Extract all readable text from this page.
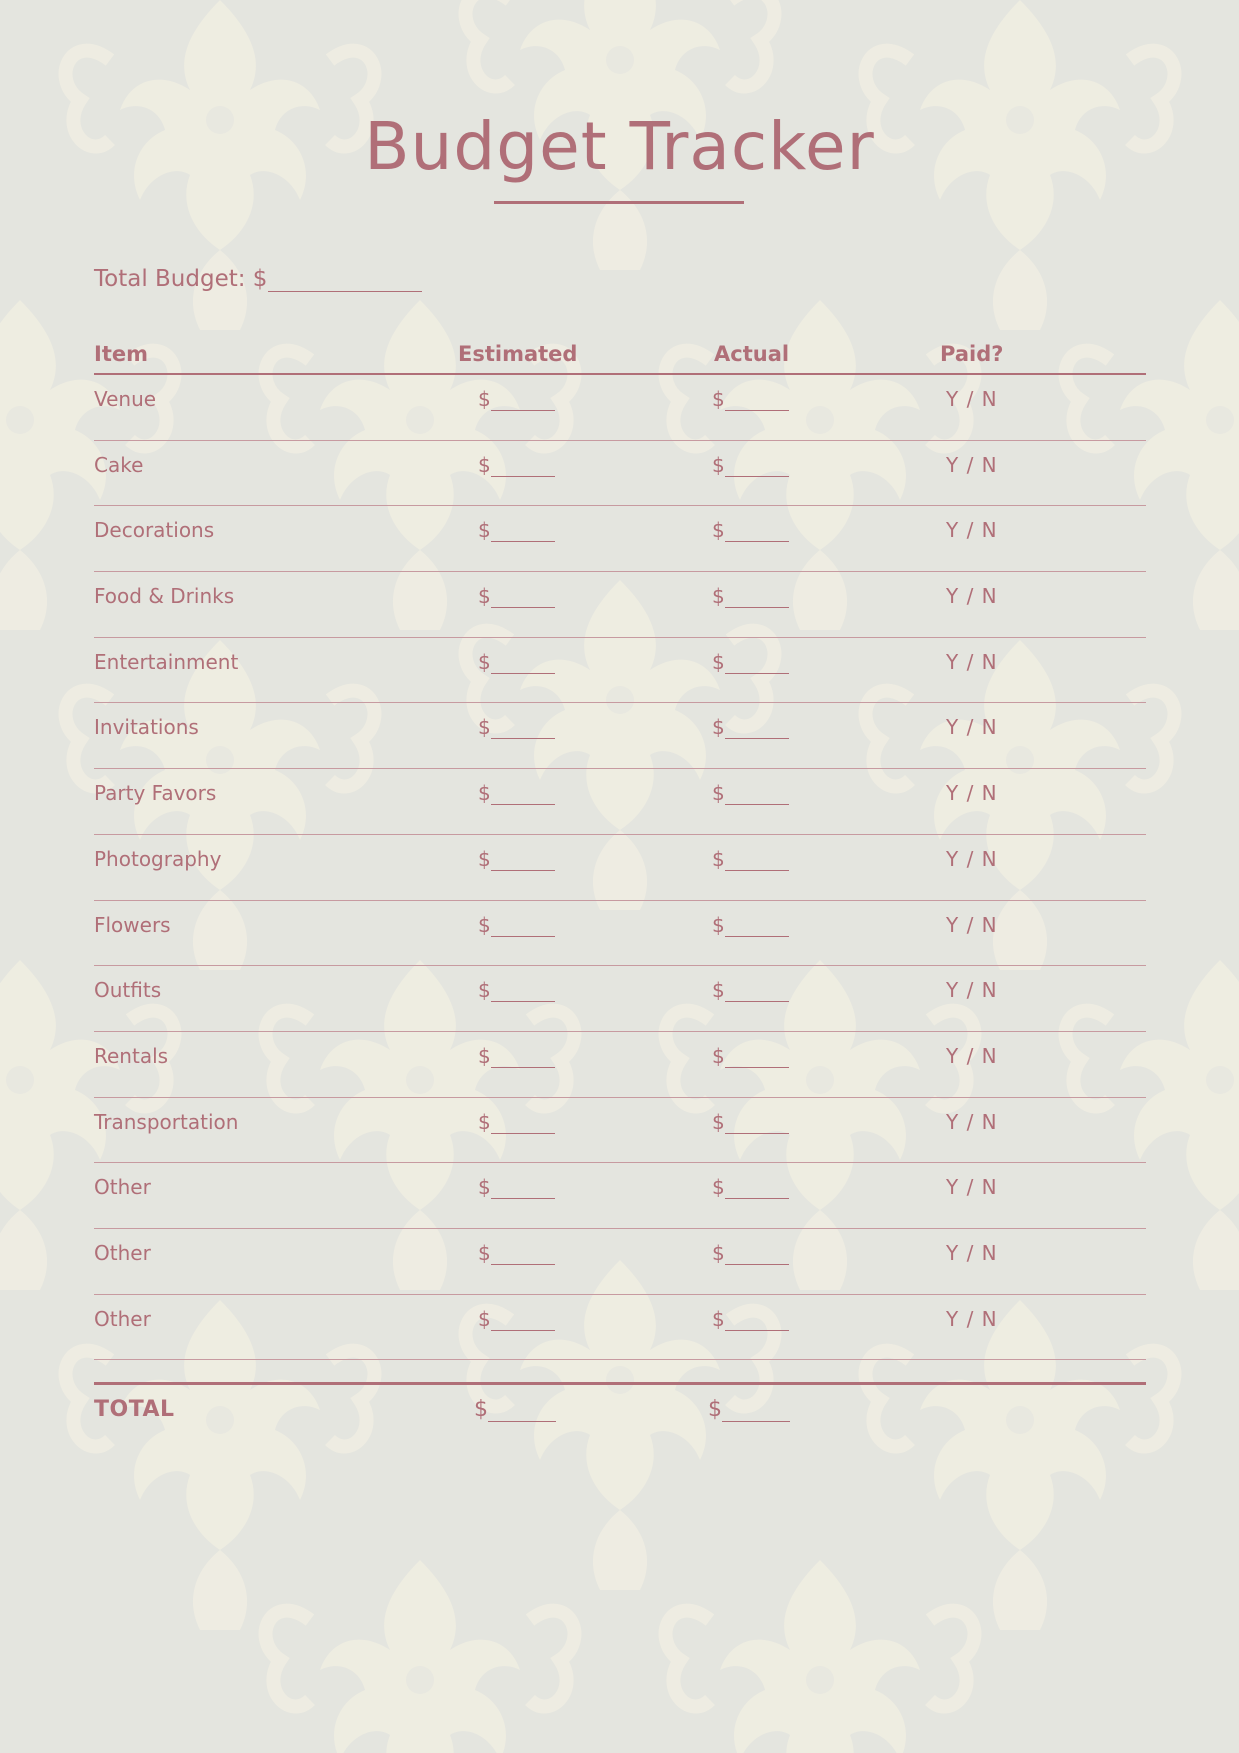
Budget Tracker
Total Budget: $
Item	Estimated	Actual	Paid?
Venue	$	$	Y / N
Cake	$	$	Y / N
Decorations	$	$	Y / N
Food & Drinks	$	$	Y / N
Entertainment	$	$	Y / N
Invitations	$	$	Y / N
Party Favors	$	$	Y / N
Photography	$	$	Y / N
Flowers	$	$	Y / N
Outfits	$	$	Y / N
Rentals	$	$	Y / N
Transportation	$	$	Y / N
Other	$	$	Y / N
Other	$	$	Y / N
Other	$	$	Y / N
TOTAL	$	$
